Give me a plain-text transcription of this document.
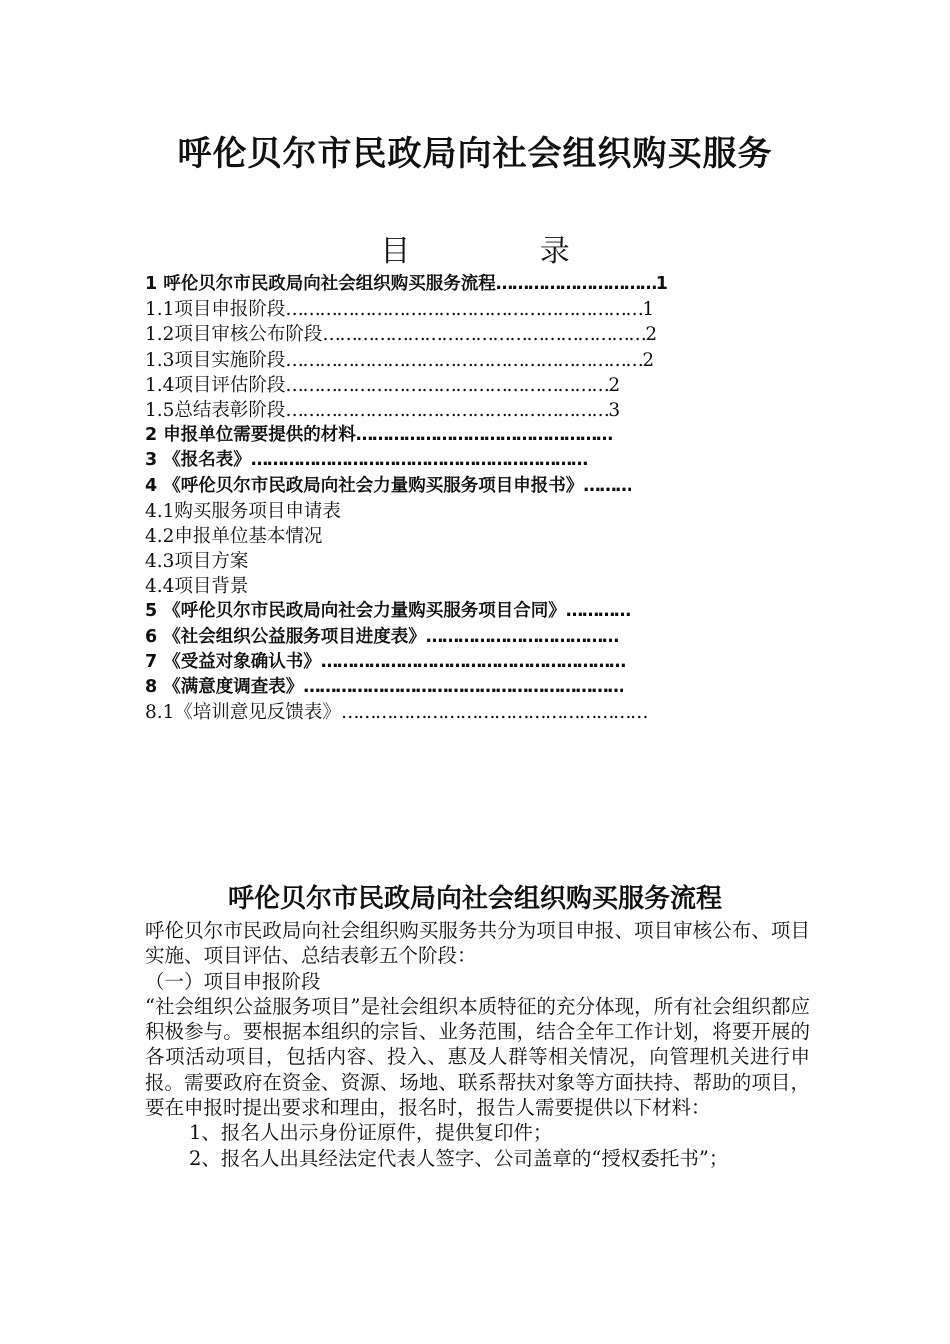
呼伦贝尔市民政局向社会组织购买服务
目 录
1 呼伦贝尔市民政局向社会组织购买服务流程 ………………………… 1
1.1项目申报阶段 ……………………………………………………… 1
1.2项目审核公布阶段 ………………………………………………… 2
1.3项目实施阶段 ……………………………………………………… 2
1.4项目评估阶段 ………………………………………………… 2
1.5总结表彰阶段 ………………………………………………… 3
2 申报单位需要提供的材料 …………………………………………
3 《报名表》 ………………………………………………………
4 《呼伦贝尔市民政局向社会力量购买服务项目申报书》 ………
4.1购买服务项目申请表
4.2申报单位基本情况
4.3项目方案
4.4项目背景
5 《呼伦贝尔市民政局向社会力量购买服务项目合同》 …………
6 《社会组织公益服务项目进度表》 ………………………………
7 《受益对象确认书》 …………………………………………………
8 《满意度调查表》 ……………………………………………………
8.1《培训意见反馈表》 ………………………………………………
呼伦贝尔市民政局向社会组织购买服务流程

呼伦贝尔市民政局向社会组织购买服务共分为项目申报、项目审核公布、项目实施、项目评估、总结表彰五个阶段：

（一）项目申报阶段

“社会组织公益服务项目”是社会组织本质特征的充分体现，所有社会组织都应积极参与。要根据本组织的宗旨、业务范围，结合全年工作计划，将要开展的各项活动项目，包括内容、投入、惠及人群等相关情况，向管理机关进行申报。需要政府在资金、资源、场地、联系帮扶对象等方面扶持、帮助的项目，要在申报时提出要求和理由，报名时，报告人需要提供以下材料：

1、报名人出示身份证原件，提供复印件；

2、报名人出具经法定代表人签字、公司盖章的“授权委托书”；
